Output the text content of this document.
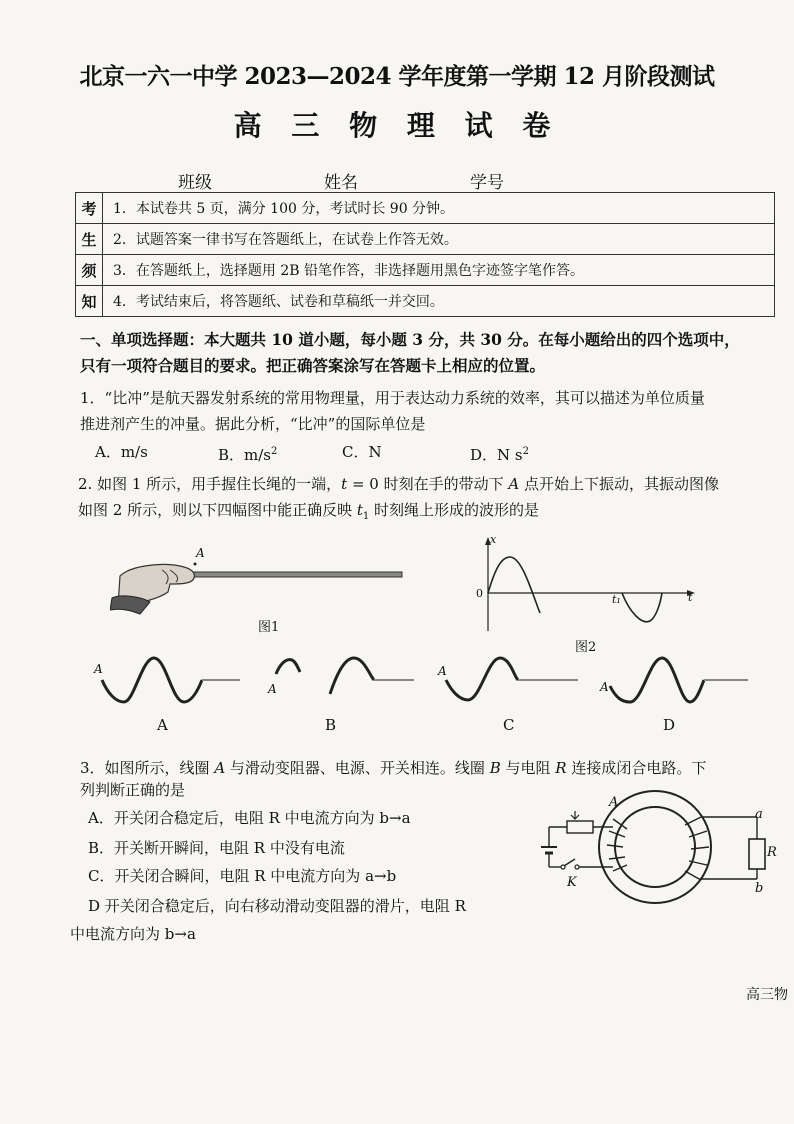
北京一六一中学 2023—2024 学年度第一学期 12 月阶段测试
高 三 物 理 试 卷
班级	姓名	学号
考	1．本试卷共 5 页，满分 100 分，考试时长 90 分钟。
生	2．试题答案一律书写在答题纸上，在试卷上作答无效。
须	3．在答题纸上，选择题用 2B 铅笔作答，非选择题用黑色字迹签字笔作答。
知	4．考试结束后，将答题纸、试卷和草稿纸一并交回。
一、单项选择题：本大题共 10 道小题，每小题 3 分，共 30 分。在每小题给出的四个选项中，
只有一项符合题目的要求。把正确答案涂写在答题卡上相应的位置。
1．“比冲”是航天器发射系统的常用物理量，用于表达动力系统的效率，其可以描述为单位质量
推进剂产生的冲量。据此分析，“比冲”的国际单位是
A．m/s	B．$m/s^2$	C．N	D．N $s^2$
2. 如图 1 所示，用手握住长绳的一端，t = 0 时刻在手的带动下 A 点开始上下振动，其振动图像
如图 2 所示，则以下四幅图中能正确反映 $t_1$ 时刻绳上形成的波形的是
A
图1
x
0	t₁	t
图2
A
A
A
A
A	B	C	D
3．如图所示，线圈 A 与滑动变阻器、电源、开关相连。线圈 B 与电阻 R 连接成闭合电路。下
列判断正确的是
A．开关闭合稳定后，电阻 R 中电流方向为 b→a
B．开关断开瞬间，电阻 R 中没有电流
C．开关闭合瞬间，电阻 R 中电流方向为 a→b
D 开关闭合稳定后，向右移动滑动变阻器的滑片，电阻 R
中电流方向为 b→a
A
a
R
b
K
高三物
